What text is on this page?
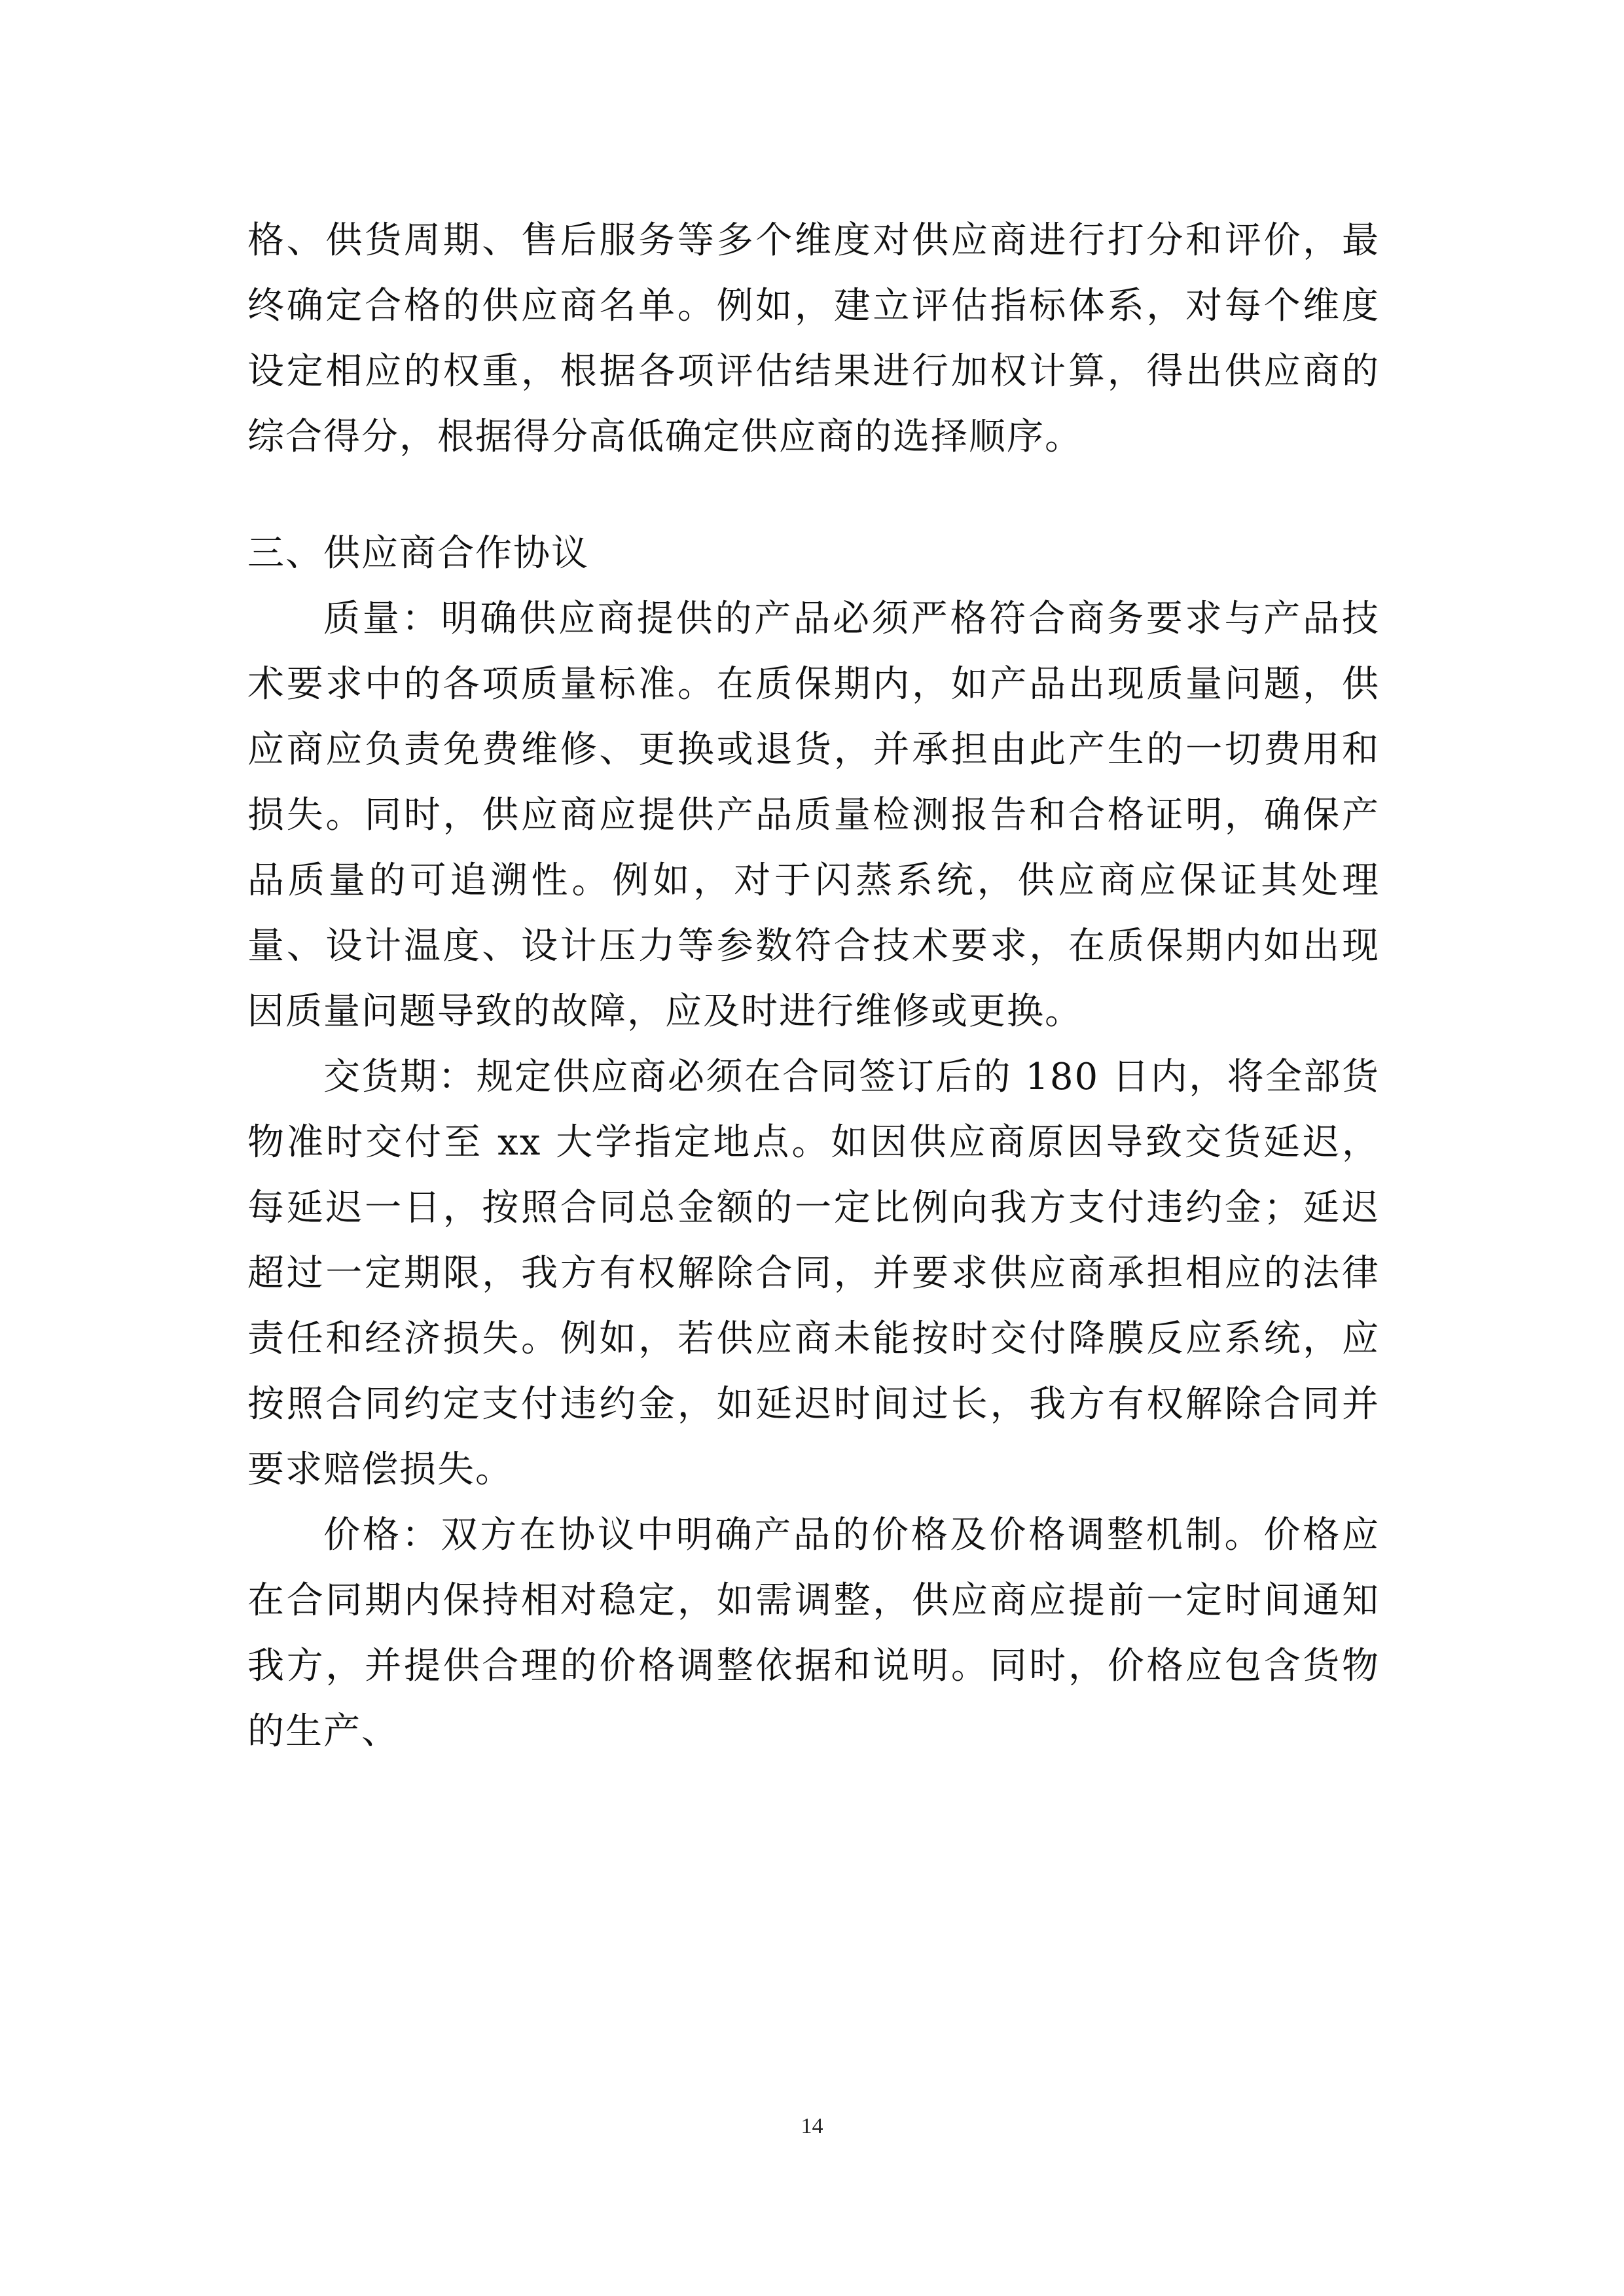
格、供货周期、售后服务等多个维度对供应商进行打分和评价，最终确定合格的供应商名单。例如，建立评估指标体系，对每个维度设定相应的权重，根据各项评估结果进行加权计算，得出供应商的综合得分，根据得分高低确定供应商的选择顺序。

三、供应商合作协议

质量：明确供应商提供的产品必须严格符合商务要求与产品技术要求中的各项质量标准。在质保期内，如产品出现质量问题，供应商应负责免费维修、更换或退货，并承担由此产生的一切费用和损失。同时，供应商应提供产品质量检测报告和合格证明，确保产品质量的可追溯性。例如，对于闪蒸系统，供应商应保证其处理量、设计温度、设计压力等参数符合技术要求，在质保期内如出现因质量问题导致的故障，应及时进行维修或更换。

交货期：规定供应商必须在合同签订后的 180 日内，将全部货物准时交付至 xx 大学指定地点。如因供应商原因导致交货延迟，每延迟一日，按照合同总金额的一定比例向我方支付违约金；延迟超过一定期限，我方有权解除合同，并要求供应商承担相应的法律责任和经济损失。例如，若供应商未能按时交付降膜反应系统，应按照合同约定支付违约金，如延迟时间过长，我方有权解除合同并要求赔偿损失。

价格：双方在协议中明确产品的价格及价格调整机制。价格应在合同期内保持相对稳定，如需调整，供应商应提前一定时间通知我方，并提供合理的价格调整依据和说明。同时，价格应包含货物的生产、

14
